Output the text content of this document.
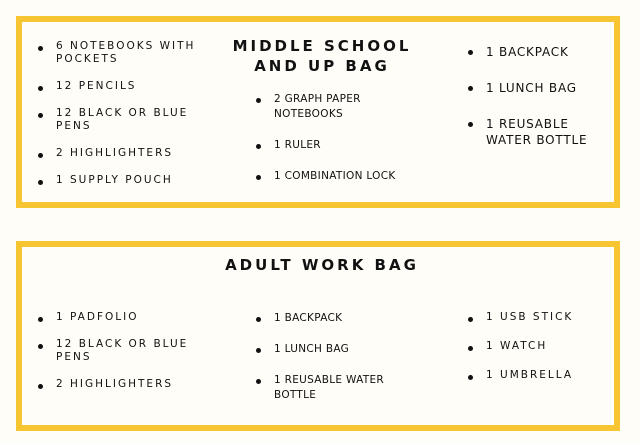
MIDDLE SCHOOL AND UP BAG
6 NOTEBOOKS WITH POCKETS
12 PENCILS
12 BLACK OR BLUE PENS
2 HIGHLIGHTERS
1 SUPPLY POUCH
2 GRAPH PAPER NOTEBOOKS
1 RULER
1 COMBINATION LOCK
1 BACKPACK
1 LUNCH BAG
1 REUSABLE WATER BOTTLE
ADULT WORK BAG
1 PADFOLIO
12 BLACK OR BLUE PENS
2 HIGHLIGHTERS
1 BACKPACK
1 LUNCH BAG
1 REUSABLE WATER BOTTLE
1 USB STICK
1 WATCH
1 UMBRELLA
